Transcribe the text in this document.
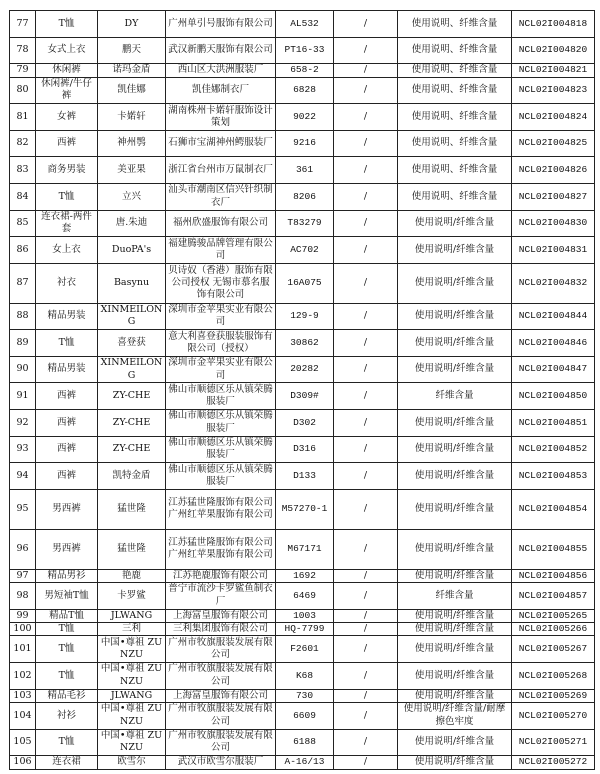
77	T恤	DY	广州单引号服饰有限公司	AL532	/	使用说明、纤维含量	NCL02I004818
78	女式上衣	鹏天	武汉新鹏天服饰有限公司	PT16-33	/	使用说明、纤维含量	NCL02I004820
79	休闲裤	诺玛金盾	西山区大洪洲服装厂	658-2	/	使用说明、纤维含量	NCL02I004821
80	休闲裤/牛仔裤	凯佳娜	凯佳娜制衣厂	6828	/	使用说明、纤维含量	NCL02I004823
81	女裤	卡婼轩	湖南株州卡婼轩服饰设计策划	9022	/	使用说明、纤维含量	NCL02I004824
82	西裤	神州鹗	石狮市宝湖神州鳄服装厂	9216	/	使用说明、纤维含量	NCL02I004825
83	商务男装	美亚果	浙江省台州市万鼠制衣厂	361	/	使用说明、纤维含量	NCL02I004826
84	T恤	立兴	汕头市潮南区信兴针织制衣厂	8206	/	使用说明、纤维含量	NCL02I004827
85	连衣裙-两件套	唐.朱迪	福州欣盛服饰有限公司	T83279	/	使用说明/纤维含量	NCL02I004830
86	女上衣	DuoPA's	福建腾骏品牌管理有限公司	AC702	/	使用说明/纤维含量	NCL02I004831
87	衬衣	Basynu	贝诗奴（香港）服饰有限公司授权 无锡市慕名服饰有限公司	16A075	/	使用说明/纤维含量	NCL02I004832
88	精品男装	XINMEILONG	深圳市金苹果实业有限公司	129-9	/	使用说明/纤维含量	NCL02I004844
89	T恤	喜登获	意大利喜登获服装服饰有限公司（授权）	30862	/	使用说明/纤维含量	NCL02I004846
90	精品男装	XINMEILONG	深圳市金苹果实业有限公司	20282	/	使用说明/纤维含量	NCL02I004847
91	西裤	ZY-CHE	佛山市顺德区乐从镇荣腾服装厂	D309#	/	纤维含量	NCL02I004850
92	西裤	ZY-CHE	佛山市顺德区乐从镇荣腾服装厂	D302	/	使用说明/纤维含量	NCL02I004851
93	西裤	ZY-CHE	佛山市顺德区乐从镇荣腾服装厂	D316	/	使用说明/纤维含量	NCL02I004852
94	西裤	凯特金盾	佛山市顺德区乐从镇荣腾服装厂	D133	/	使用说明/纤维含量	NCL02I004853
95	男西裤	猛世隆	江苏猛世隆服饰有限公司 广州红苹果服饰有限公司	M57270-1	/	使用说明/纤维含量	NCL02I004854
96	男西裤	猛世隆	江苏猛世隆服饰有限公司 广州红苹果服饰有限公司	M67171	/	使用说明/纤维含量	NCL02I004855
97	精品男衫	艳鹿	江苏艳鹿服饰有限公司	1692	/	使用说明/纤维含量	NCL02I004856
98	男短袖T恤	卡罗鲨	普宁市流沙卡罗鲨鱼制衣厂	6469	/	纤维含量	NCL02I004857
99	精品T恤	JLWANG	上海富皇服饰有限公司	1003	/	使用说明/纤维含量	NCL02I005265
100	T恤	三利	三利集团服饰有限公司	HQ-7799	/	使用说明/纤维含量	NCL02I005266
101	T恤	中国•尊祖 ZUNZU	广州市牧旗服装发展有限公司	F2601	/	使用说明/纤维含量	NCL02I005267
102	T恤	中国•尊祖 ZUNZU	广州市牧旗服装发展有限公司	K68	/	使用说明/纤维含量	NCL02I005268
103	精品毛衫	JLWANG	上海富皇服饰有限公司	730	/	使用说明/纤维含量	NCL02I005269
104	衬衫	中国•尊祖 ZUNZU	广州市牧旗服装发展有限公司	6609	/	使用说明/纤维含量/耐摩擦色牢度	NCL02I005270
105	T恤	中国•尊祖 ZUNZU	广州市牧旗服装发展有限公司	6188	/	使用说明/纤维含量	NCL02I005271
106	连衣裙	欧雪尔	武汉市欧雪尔服装厂	A-16/13	/	使用说明/纤维含量	NCL02I005272
